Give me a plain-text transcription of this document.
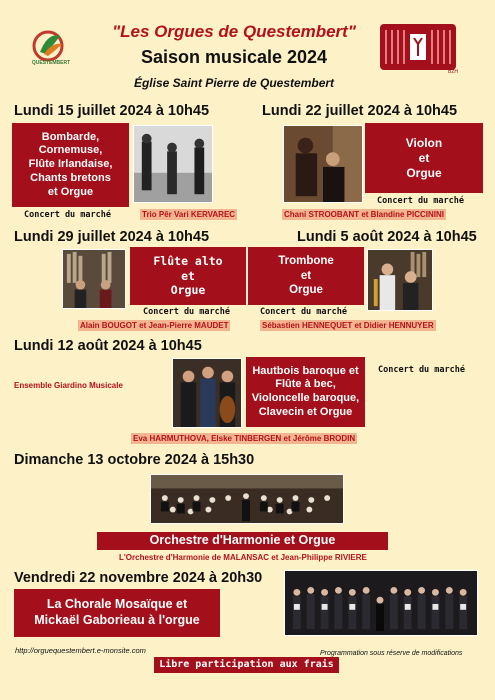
QUESTEMBERT
"Les Orgues de Questembert"
Saison musicale 2024
Église Saint Pierre de Questembert
BZH
Lundi 15 juillet 2024 à 10h45
Bombarde,
Cornemuse,
Flûte Irlandaise,
Chants bretons
et Orgue
Concert du marché	Trio Pêr Vari KERVAREC
Lundi 22 juillet 2024 à 10h45
Violon
et
Orgue
Concert du marché
Chani STROOBANT et Blandine PICCININI
Lundi 29 juillet 2024 à 10h45
Flûte alto
et
Orgue
Concert du marché
Alain BOUGOT et Jean-Pierre MAUDET
Lundi 5 août 2024 à 10h45
Trombone
et
Orgue
Concert du marché
Sébastien HENNEQUET et Didier HENNUYER
Lundi 12 août 2024 à 10h45
Ensemble Giardino Musicale
Hautbois baroque et
Flûte à bec,
Violoncelle baroque,
Clavecin et Orgue
Concert du marché
Eva HARMUTHOVA, Elske TINBERGEN et Jérôme BRODIN
Dimanche 13 octobre 2024 à 15h30
Orchestre d'Harmonie et Orgue
L'Orchestre d'Harmonie de MALANSAC et Jean-Philippe RIVIERE
Vendredi 22 novembre 2024 à 20h30
La Chorale Mosaïque et
Mickaël Gaborieau à l'orgue
http://orguequestembert.e-monsite.com	Programmation sous réserve de modifications
Libre participation aux frais
